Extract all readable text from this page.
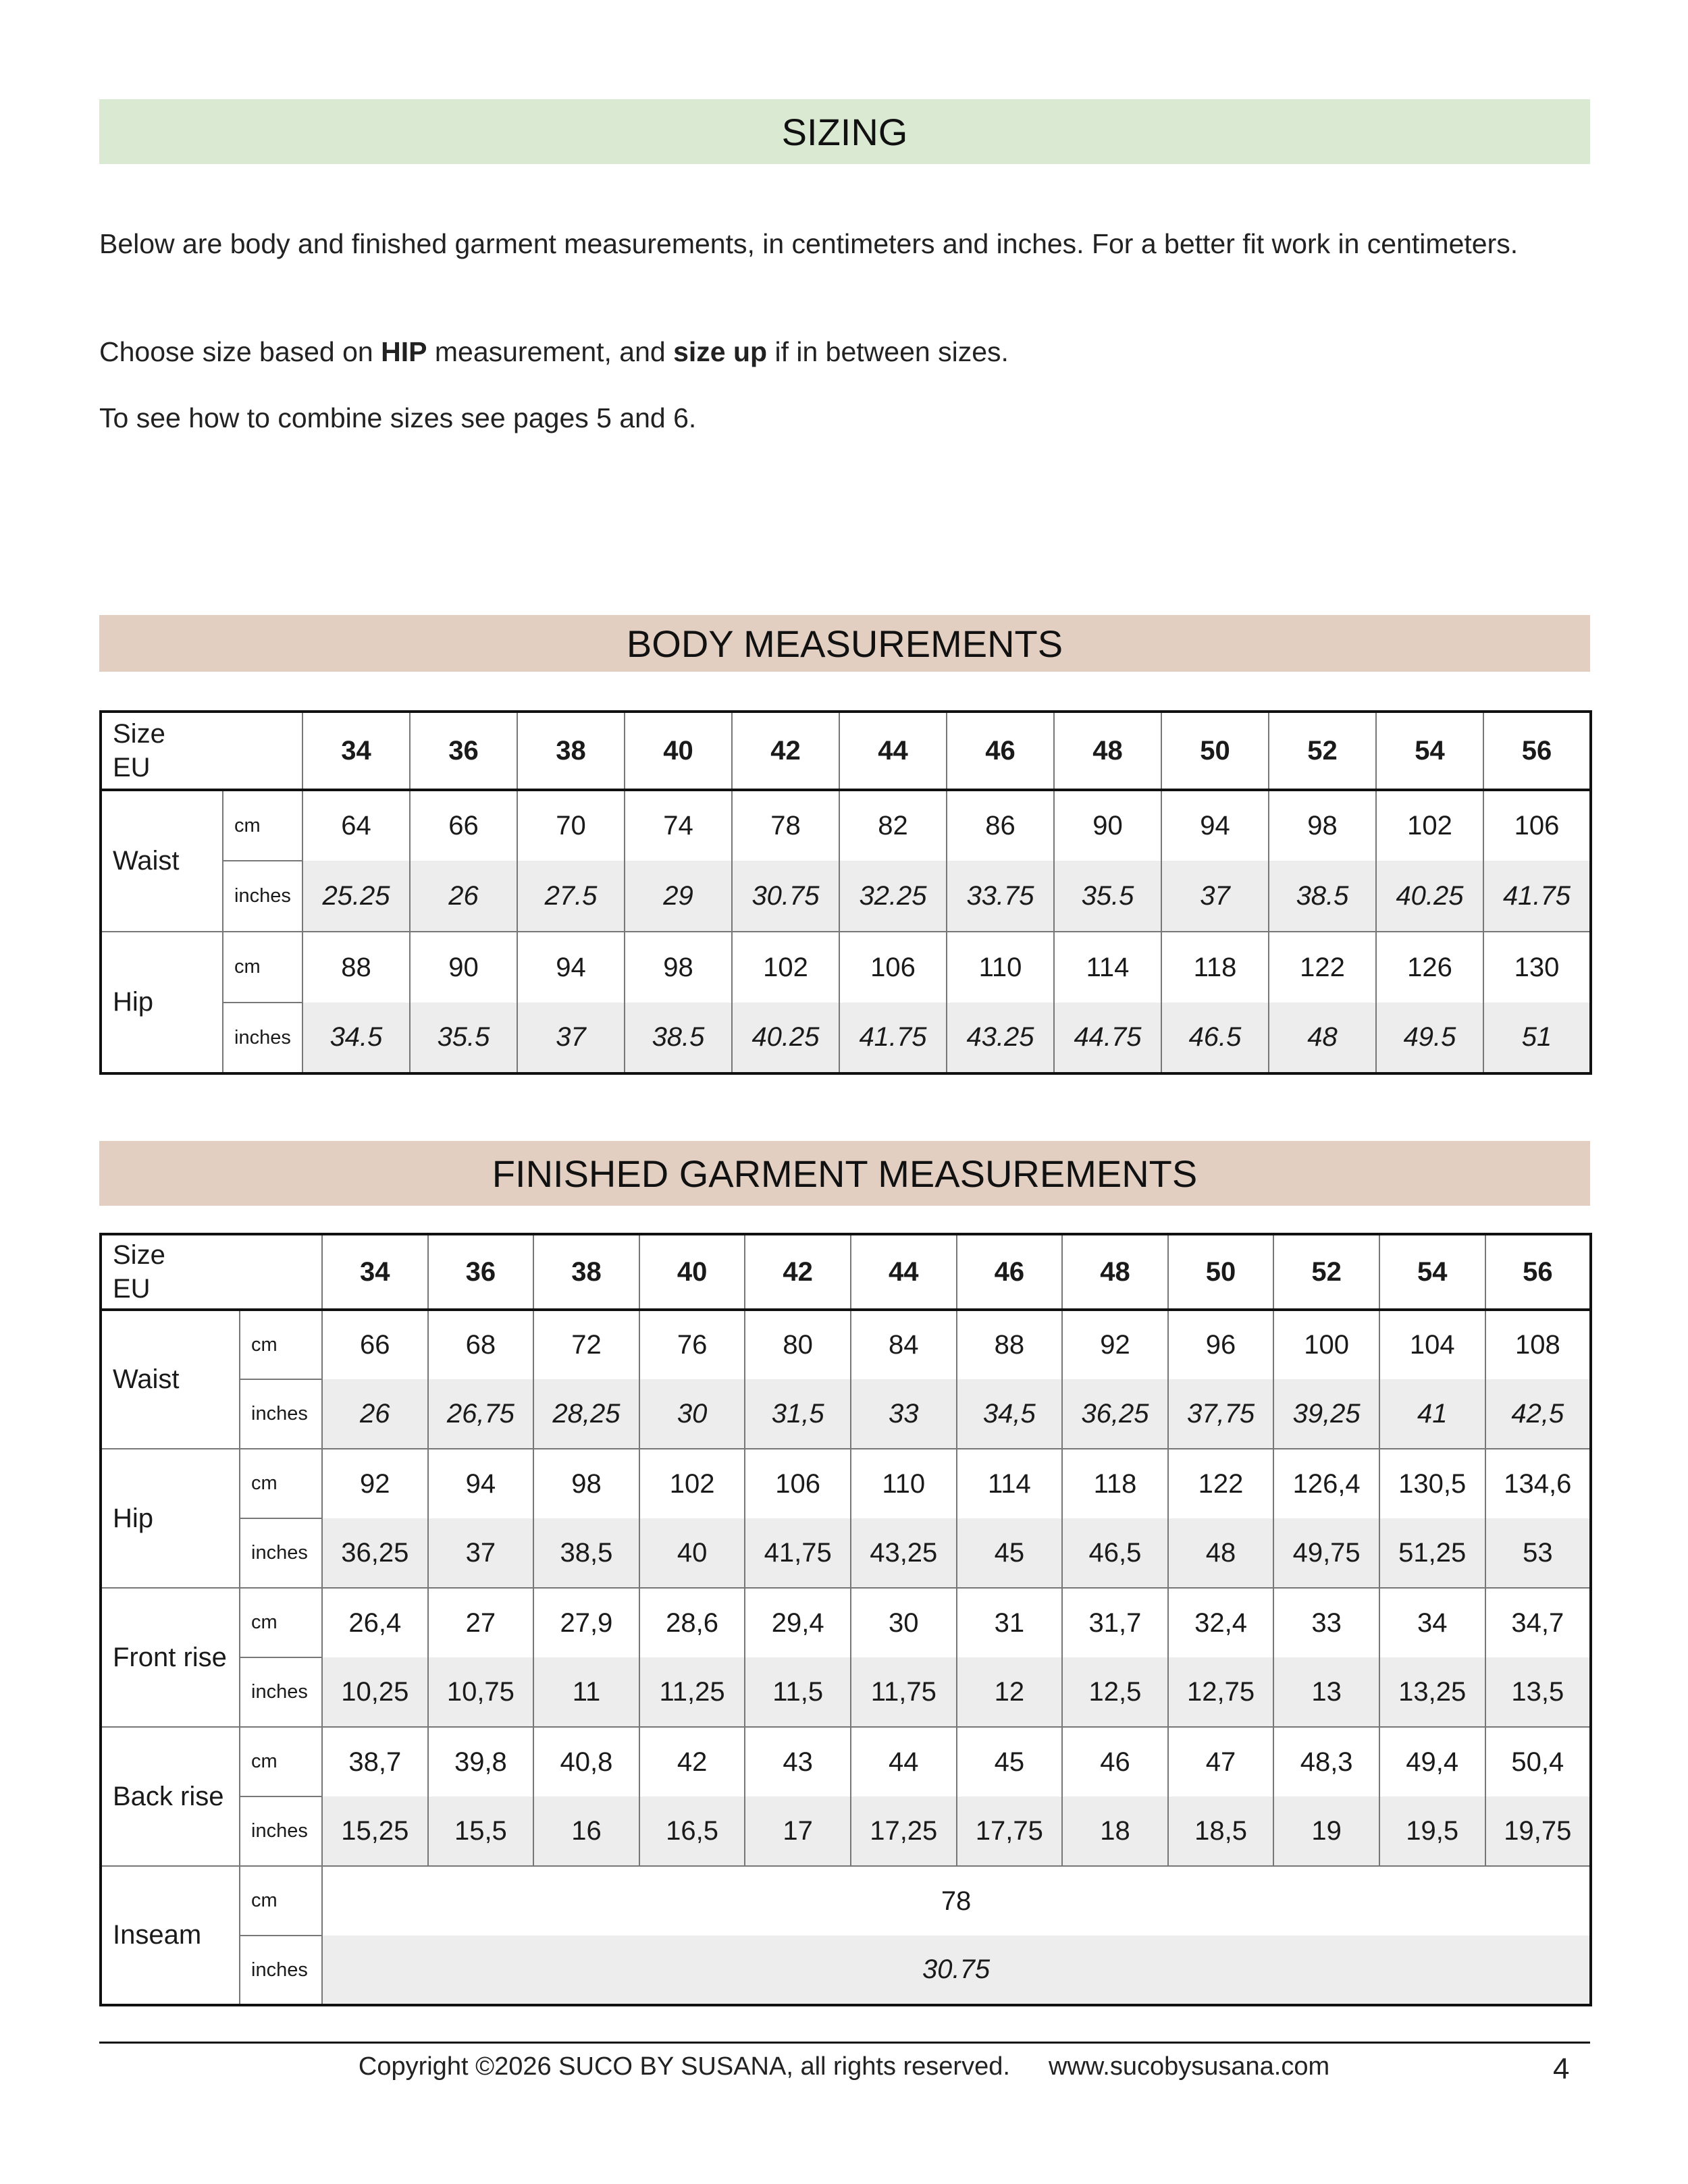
SIZING

Below are body and finished garment measurements, in centimeters and inches. For a better fit work in centimeters.

Choose size based on HIP measurement, and size up if in between sizes.

To see how to combine sizes see pages 5 and 6.

BODY MEASUREMENTS
Size
EU		34	36	38	40	42	44	46	48	50	52	54	56
Waist	cm	64	66	70	74	78	82	86	90	94	98	102	106
	inches	25.25	26	27.5	29	30.75	32.25	33.75	35.5	37	38.5	40.25	41.75
Hip	cm	88	90	94	98	102	106	110	114	118	122	126	130
	inches	34.5	35.5	37	38.5	40.25	41.75	43.25	44.75	46.5	48	49.5	51
FINISHED GARMENT MEASUREMENTS
Size
EU		34	36	38	40	42	44	46	48	50	52	54	56
Waist	cm	66	68	72	76	80	84	88	92	96	100	104	108
	inches	26	26,75	28,25	30	31,5	33	34,5	36,25	37,75	39,25	41	42,5
Hip	cm	92	94	98	102	106	110	114	118	122	126,4	130,5	134,6
	inches	36,25	37	38,5	40	41,75	43,25	45	46,5	48	49,75	51,25	53
Front rise	cm	26,4	27	27,9	28,6	29,4	30	31	31,7	32,4	33	34	34,7
	inches	10,25	10,75	11	11,25	11,5	11,75	12	12,5	12,75	13	13,25	13,5
Back rise	cm	38,7	39,8	40,8	42	43	44	45	46	47	48,3	49,4	50,4
	inches	15,25	15,5	16	16,5	17	17,25	17,75	18	18,5	19	19,5	19,75
Inseam	cm	78											
	inches	30.75											
Copyright ©2026 SUCO BY SUSANA, all rights reserved. www.sucobysusana.com	4
